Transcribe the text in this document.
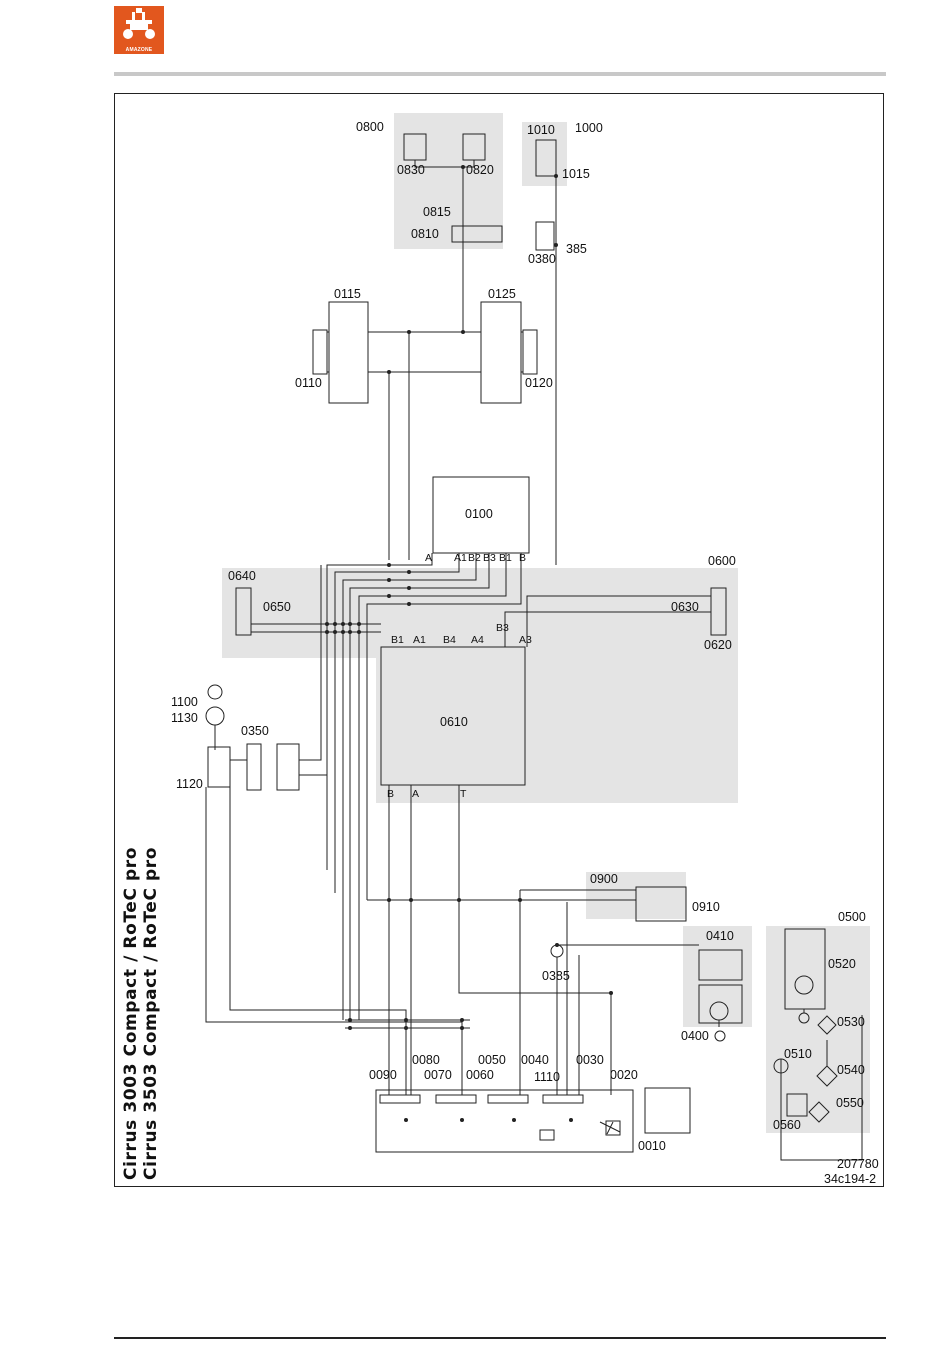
AMAZONE
0800
0830	0820
0815
0810
1010 1000
1015
0380
385
0115	0125
0110	0120
0100
A A1 B2 B3 B1 B
0640
0650
0600
0630
0620
B1 A1 B4 A4
B3
A3
0610
B A	T
1100
1130
1120
0350
0900
0910
0410
0400
0385
0500
0520
0530
0510
0540
0550
0560
0080	0050 0040 0030
0090 0070 0060	1110	0020
0010
207780
34c194-2
Cirrus 3003 Compact / RoTeC pro Cirrus 3503 Compact / RoTeC pro
